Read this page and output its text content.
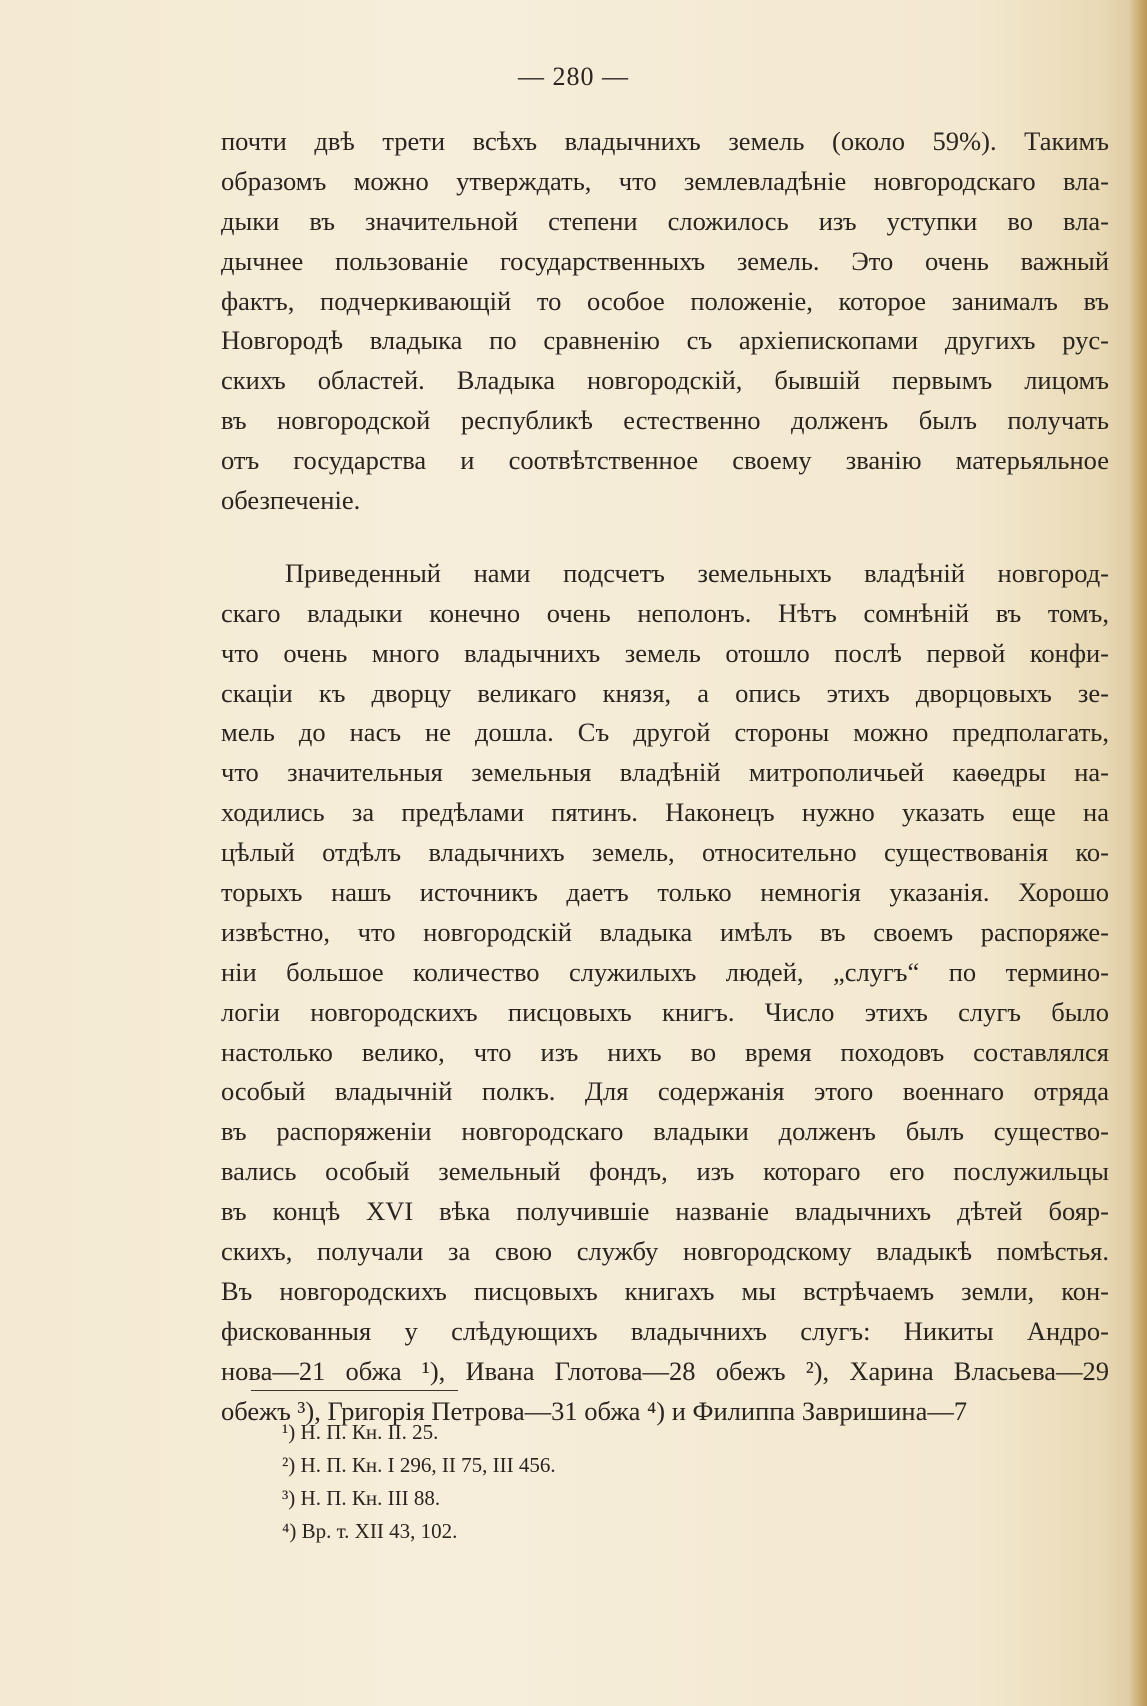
— 280 —
почти двѣ трети всѣхъ владычнихъ земель (около 59%). Такимъ
образомъ можно утверждать, что землевладѣніе новгородскаго вла-
дыки въ значительной степени сложилось изъ уступки во вла-
дычнее пользованіе государственныхъ земель. Это очень важный
фактъ, подчеркивающій то особое положеніе, которое занималъ въ
Новгородѣ владыка по сравненію съ архіепископами другихъ рус-
скихъ областей. Владыка новгородскій, бывшій первымъ лицомъ
въ новгородской республикѣ естественно долженъ былъ получать
отъ государства и соотвѣтственное своему званію матерьяльное
обезпеченіе.
Приведенный нами подсчетъ земельныхъ владѣній новгород-
скаго владыки конечно очень неполонъ. Нѣтъ сомнѣній въ томъ,
что очень много владычнихъ земель отошло послѣ первой конфи-
скаціи къ дворцу великаго князя, а опись этихъ дворцовыхъ зе-
мель до насъ не дошла. Съ другой стороны можно предполагать,
что значительныя земельныя владѣній митрополичьей каѳедры на-
ходились за предѣлами пятинъ. Наконецъ нужно указать еще на
цѣлый отдѣлъ владычнихъ земель, относительно существованія ко-
торыхъ нашъ источникъ даетъ только немногія указанія. Хорошо
извѣстно, что новгородскій владыка имѣлъ въ своемъ распоряже-
ніи большое количество служилыхъ людей, „слугъ“ по термино-
логіи новгородскихъ писцовыхъ книгъ. Число этихъ слугъ было
настолько велико, что изъ нихъ во время походовъ составлялся
особый владычній полкъ. Для содержанія этого военнаго отряда
въ распоряженіи новгородскаго владыки долженъ былъ существо-
вались особый земельный фондъ, изъ котораго его послужильцы
въ концѣ XVI вѣка получившіе названіе владычнихъ дѣтей бояр-
скихъ, получали за свою службу новгородскому владыкѣ помѣстья.
Въ новгородскихъ писцовыхъ книгахъ мы встрѣчаемъ земли, кон-
фискованныя у слѣдующихъ владычнихъ слугъ: Никиты Андро-
нова—21 обжа ¹), Ивана Глотова—28 обежъ ²), Харина Власьева—29
обежъ ³), Григорія Петрова—31 обжа ⁴) и Филиппа Завришина—7
¹) Н. П. Кн. II. 25.
²) Н. П. Кн. I 296, II 75, III 456.
³) Н. П. Кн. III 88.
⁴) Вр. т. XII 43, 102.
